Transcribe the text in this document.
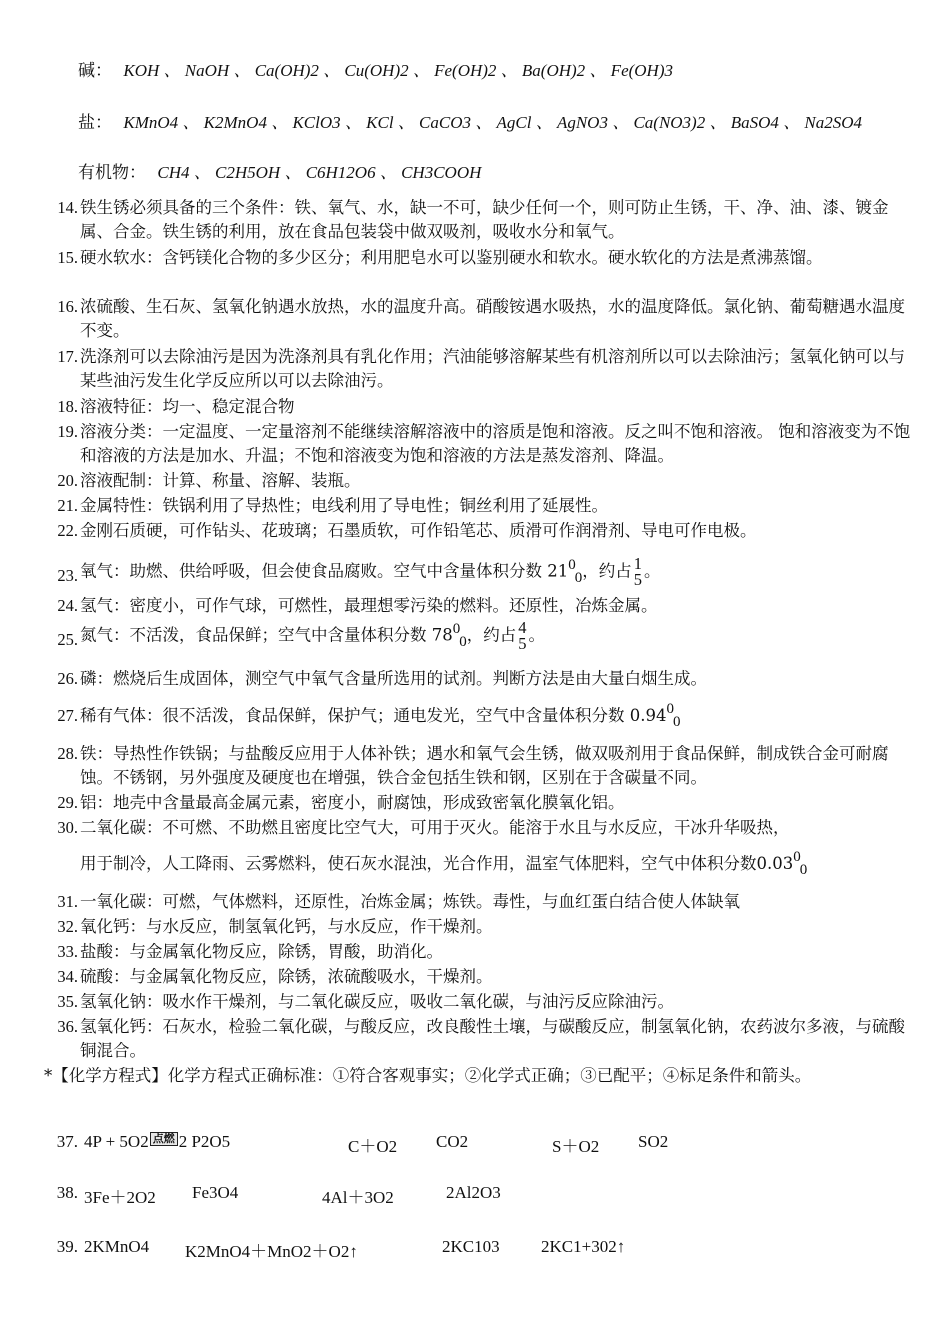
碱： KOH 、 NaOH 、 Ca(OH)2 、 Cu(OH)2 、 Fe(OH)2 、 Ba(OH)2 、 Fe(OH)3
盐： KMnO4 、 K2MnO4 、 KClO3 、 KCl 、 CaCO3 、 AgCl 、 AgNO3 、 Ca(NO3)2 、 BaSO4 、 Na2SO4
有机物： CH4 、 C2H5OH 、 C6H12O6 、 CH3COOH
14. 铁生锈必须具备的三个条件：铁、氧气、水，缺一不可，缺少任何一个，则可防止生锈，干、净、油、漆、镀金属、合金。铁生锈的利用，放在食品包装袋中做双吸剂，吸收水分和氧气。
15. 硬水软水：含钙镁化合物的多少区分；利用肥皂水可以鉴别硬水和软水。硬水软化的方法是煮沸蒸馏。
16. 浓硫酸、生石灰、氢氧化钠遇水放热，水的温度升高。硝酸铵遇水吸热，水的温度降低。氯化钠、葡萄糖遇水温度不变。
17. 洗涤剂可以去除油污是因为洗涤剂具有乳化作用；汽油能够溶解某些有机溶剂所以可以去除油污；氢氧化钠可以与某些油污发生化学反应所以可以去除油污。
18. 溶液特征：均一、稳定混合物
19. 溶液分类：一定温度、一定量溶剂不能继续溶解溶液中的溶质是饱和溶液。反之叫不饱和溶液。 饱和溶液变为不饱和溶液的方法是加水、升温；不饱和溶液变为饱和溶液的方法是蒸发溶剂、降温。
20. 溶液配制：计算、称量、溶解、装瓶。
21. 金属特性：铁锅利用了导热性；电线利用了导电性；铜丝利用了延展性。
22. 金刚石质硬，可作钻头、花玻璃；石墨质软，可作铅笔芯、质滑可作润滑剂、导电可作电极。
23. 氧气：助燃、供给呼吸，但会使食品腐败。空气中含量体积分数 2100，约占 1
5 。
24. 氢气：密度小，可作气球，可燃性，最理想零污染的燃料。还原性，冶炼金属。
25. 氮气：不活泼，食品保鲜；空气中含量体积分数 7800，约占 4
5 。
26. 磷：燃烧后生成固体，测空气中氧气含量所选用的试剂。判断方法是由大量白烟生成。
27. 稀有气体：很不活泼，食品保鲜，保护气；通电发光，空气中含量体积分数 0.9400
28. 铁：导热性作铁锅；与盐酸反应用于人体补铁；遇水和氧气会生锈，做双吸剂用于食品保鲜，制成铁合金可耐腐蚀。不锈钢，另外强度及硬度也在增强，铁合金包括生铁和钢，区别在于含碳量不同。
29. 铝：地壳中含量最高金属元素，密度小，耐腐蚀，形成致密氧化膜氧化铝。
30. 二氧化碳：不可燃、不助燃且密度比空气大，可用于灭火。能溶于水且与水反应，干冰升华吸热，
用于制冷，人工降雨、云雾燃料，使石灰水混浊，光合作用，温室气体肥料，空气中体积分数0.0300
31. 一氧化碳：可燃，气体燃料，还原性，冶炼金属；炼铁。毒性，与血红蛋白结合使人体缺氧
32. 氧化钙：与水反应，制氢氧化钙，与水反应，作干燥剂。
33. 盐酸：与金属氧化物反应，除锈，胃酸，助消化。
34. 硫酸：与金属氧化物反应，除锈，浓硫酸吸水，干燥剂。
35. 氢氧化钠：吸水作干燥剂，与二氧化碳反应，吸收二氧化碳，与油污反应除油污。
36. 氢氧化钙：石灰水，检验二氧化碳，与酸反应，改良酸性土壤，与碳酸反应，制氢氧化钠，农药波尔多液，与硫酸铜混合。
*【化学方程式】化学方程式正确标准：①符合客观事实；②化学式正确；③已配平；④标足条件和箭头。
37. 4P + 5O2 点燃 2 P2O5	C＋O2 CO2	S＋O2 SO2
38. 3Fe＋2O2 Fe3O4	4Al＋3O2	2Al2O3
39. 2KMnO4 K2MnO4＋MnO2＋O2↑	2KC103 2KC1+302↑
